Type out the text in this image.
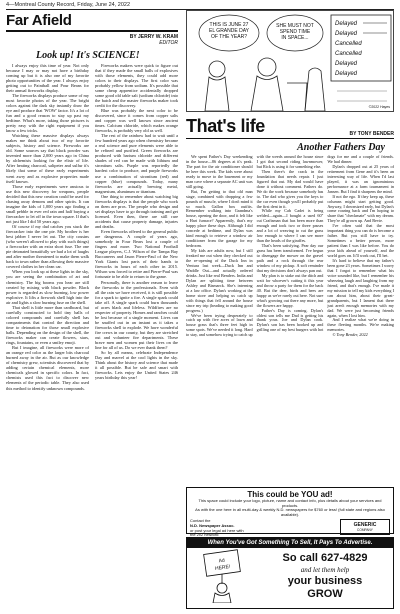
4—Montreal County Record, Friday, June 24, 2022
Far Afield
BY JERRY W. KRAM
EDITOR
Look up! It's SCIENCE!

I always enjoy this time of year. Not only because I may or may not have a birthday coming up but it is also one of my favorite photo opportunities of the year. I always enjoy getting out to Paintball and Pour Beans for their annual fireworks display.

The fireworks displays produce some of my most favorite photos of the year. The bright colors against the dark sky instantly draw the eye and produce that 'WOW' factor. It's a lot of fun and a good reason to stay up past my bedtime. What's more, taking those pictures is pretty easy with the right equipment if you know a few tricks.

Watching these massive displays always makes me think about two of my favorite subjects, history and science. Fireworks are old. Some sources say that black powder was invented more than 2,000 years ago in China by alchemists looking for the elixir of life. After heating charcoal, saltpeter and sulfur it's likely that some of these early experiments went awry and as explosive properties made itself known.

Those early experiments were anxious to use this new discovery for weapons, people decided that this new creation could be used for chasing away demons and other spirits. It can imagine the kids of 1,000 years ago finding a small pebble in ever red rain and half buying a firecracker to let off in the town square. If that's not just like I did 50 years ago.

Of course if my dad catches you stuck the firecracker into the one pie. My brother is her best jabber I never let out. The city cousins (who weren't allowed to play with such things) a firecracker with an extra short fuse. The one pie detonated beautifully we had a lot of laughs and after mother threatened to make them walk back to town rather than allowing their massive covered clothes in her clean car.

When you look up at these lights in the sky, you are seeing the combination of art and chemistry. The big booms you hear are still created by mixing with black powder. Black power is regarded as slow burning, low power explosive. It lifts a firework shell high into the air and lights a slow burning fuse on the shell.

That shell is little more than cardboard, but carefully constructed to hold tiny balls of colored compounds and carefully shell has compartments that control the direction and time to detonation for those small explosive balls. Depending on the design of the shell, the fireworks maker can create flowers, stars, rings, fountains, or even a smiley emoji.

But I imagine, all fireworks were more of an orange red color as the larger bits charcoal burned away in the air. But as our knowledge of chemistry grew, scientists discovered that by adding certain chemical elements, more chemicals glowed in specific colors. In fact, chemists used this fact to discover new elements of the periodic table. They also used this method to identify unknown compounds.

Fireworks makers were quick to figure out that if they made the small balls of explosives with those elements, they could add more colors to their displays. The first color was probably yellow from sodium. It's possible that some cheap apprentice accidentally dropped some good old table salt (sodium chloride) into the batch and the master fireworks maker took credit for the discovery.

Blue was probably the next color to be discovered, since it comes from copper salts and copper was well known since ancient times. Calcium chloride, which makes orange fireworks, is probably very old as well.

The rest of the rainbow had to wait until a few hundred years ago when chemistry became a real science and pure elements were able to be refined and purified. Green fireworks are produced with barium chloride and different shades of red can be made with lithium and strontium salts. Purple was reportedly the hardest color to produce, and purple fireworks use a combination of strontium (red) and copper (blue) compounds. Today, many fireworks are actually brewing metal, magnesium, aluminum or titanium.

One thing to remember about watching big fireworks displays is that the people who work on them are pros. The people who design and set displays have to go through training and get licensed. Even then, there are still rare accidents that cause property damage, injuries and deaths.

Even fireworks offered to the general public are dangerous. A couple of years ago, somebody in Four Bears lost a couple of fingers and more. Two National Football League players, C.J. Wilson of the Tampa Bay Buccaneers and Jason Pierre-Paul of the New York Giants lost parts of their hands to fireworks in hours of each other in 2015. Wilson was forced to retire and Pierre-Paul was fortunate to be able to return to the game.

Personally, there is another reason to leave the fireworks to the professionals. Even with all the rain we have received, it is still possible for a spark to ignite a fire. A single spark could take off. A single spark could burn thousands of acres black and lifeless. Wildfires are no respecter of property. Homes and ranches could be lost because of a single moment. Lives can be snuffed out in an instant as it takes a fireworks shell to explode. We have wonderful fire crews in our county, but they are stretched out and volunteer fire departments. These brave men and women put their lives on the line for all of us. Do we ever thank them?

So by all means, celebrate Independence Day and marvel at the cool lights in the sky. Think about the history and science that made it all possible. But be safe and smart with fireworks. Lets enjoy the United States 246 years birthday this year!

THIS IS JUNE 27
EL GRANDE DAY
OF THE YEAR?
SHE MUST NOT
SPEND TIME
IN SPACE...
Delayed
Delayed
Cancelled
Cancelled
Delayed
Delayed
©2022 Hayes
That's life	BY TONY BENDER
Another Fathers Day

We spent Father's Day weekending in the house—86 degrees at it's peak. The part for the air conditioner should be here this week. The kids were about ready to move to the basement or my man cave where a separate AC unit was still going.

But, I'm getting to that old man stage, combined with dropping a few pounds of muscle, where I don't mind it so much. Gallon box outfits. Remember walking into Grandma's house, opening the door, and it felt like a Hart furnace? Apparently, that's my happy place these days. Although I did concede at bedtime, and Dylan was kind enough to retrieve a window air conditioner from the garage for my bedroom.

My kids are adults now, but I still freaked me out when they checked out the re-opening of the Duck Inn in Ventura last week—Duck Inn and Waddle Out—and actually ordered drinks. Just like real Benders. India and Dylan are splitting time between Ashley and Bismarck. She's interning at a law office. Dylan's working at the home store and helping us catch up with things that fell around the house since my trip (heading to making good progress.)

We've been trying desperately to catch up with five acres of lawn and house grass that's three feet high in some spots. We've needed it long. Hard to stay, and somehow trying to catch up with the weeds around the house since I got that second riding lawnmower, but Rick is using it for something else.

Then there's the crack in the foundation that needs repair. I just figured that out. My dad would have done it without comment. Fathers do. We do the work because somebody has to. The dad who gives you the keys to the car even though you'll probably put the first dent in it.

While my Cab Cadet is being welded—again—I bought a used 60" cut Craftsman that has been more than enough and took two or three passes and a lot of weaving to cut the grass low enough to where I can see more than the heads of the giraffes.

That's been satisfying. Pear day our grass has been transformed. I've begun to disengage the mower on the gravel path and a rock through the rear window of my pickup. A soft reminder that my decisions don't always pan out.

My plan is to stake out the ditch and wait for whoever's cutting it this year and throw a party for them for the back 40. But the deer, birds and bees are happy as we're rarely out here. Not sure what's growing out there any more, but the flowers are happy.

Father's Day is coming. Dylan's oldest son tells me Dad is getting his thank yous. Joe and Dylan cook. Dylan's son has been hooked up and grilling one of my best burgers with hot dogs for me and a couple of friends. We had dinner.

Dylan's dropped out at 25 years of retirement from Gene and it's been an interesting way of life. When I'd last played, it was an ignominious performance at a farm tournament in Jansen. But I find it sharpens the mind.

If not the ego. If they keep up, these columns might start getting good. Anyway, I downsized early, but Dylan's come roaring back and I'm hoping to share that "checkmate" with my dream. They're all grown up. And Bevie.

I've often said that the most important thing you can do is become a father. But you still have to try. Sometimes a better person, more patient than I was like before. You do your kids ahead of yourself, and the world goes on. It'll work out, I'll bet.

It's hard to believe that my father's been gone 23 years. Sometimes I worry that I forgot to remember what his voice sounded like, but I remember his wheezing laugh and laughing from my friend, and that's enough. I've made it my mission to tell my kids everything I can about him, about their great-grandparents, but I lament that there just aren't enough memories with my dad. We were just becoming friends again, when I lost him.

And I realize what we're doing in these fleeting months. We're making memories.

© Tony Bender, 2022

This could be YOU ad!
This space could include your logo, picture, name and contact info, plus details about your services and products.
As with the one here in all multi-day & weekly N.D. newspapers for $760 or less! (full state and regions also available).
Contact the
N.D. Newspaper Assoc.
or post your legal ad here with
the 2x2 network:
GENERIC
COMPANY
When You've Got Something To Sell, It Pays To Advertise.
Ad
HERE!
So call 627-4829
and let them help
your business
GROW
